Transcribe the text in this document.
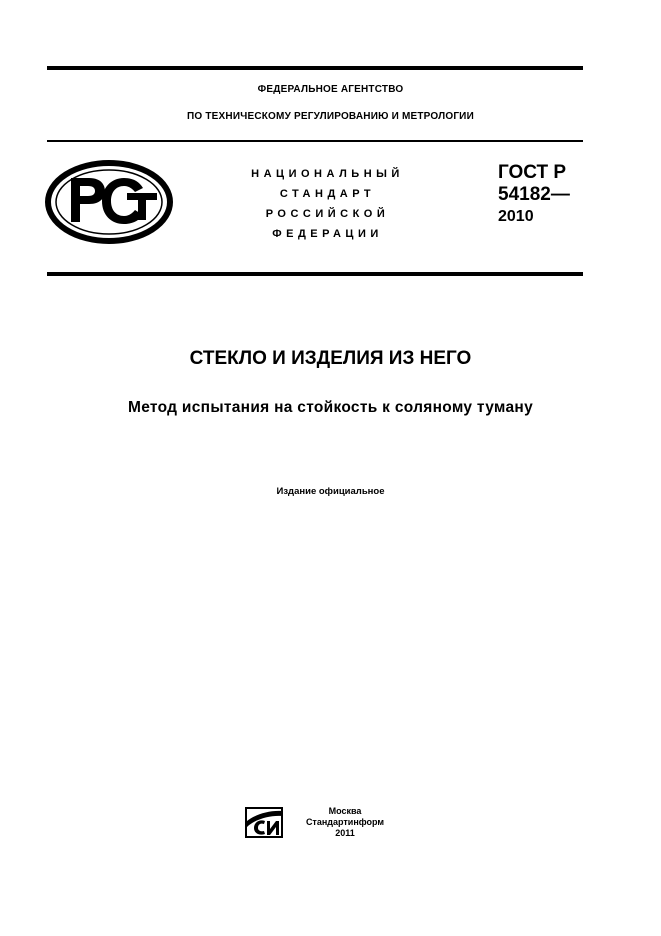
ФЕДЕРАЛЬНОЕ АГЕНТСТВО
ПО ТЕХНИЧЕСКОМУ РЕГУЛИРОВАНИЮ И МЕТРОЛОГИИ
НАЦИОНАЛЬНЫЙ
СТАНДАРТ
РОССИЙСКОЙ
ФЕДЕРАЦИИ
ГОСТ Р
54182—
2010
СТЕКЛО И ИЗДЕЛИЯ ИЗ НЕГО
Метод испытания на стойкость к соляному туману
Издание официальное
Москва
Стандартинформ
2011
